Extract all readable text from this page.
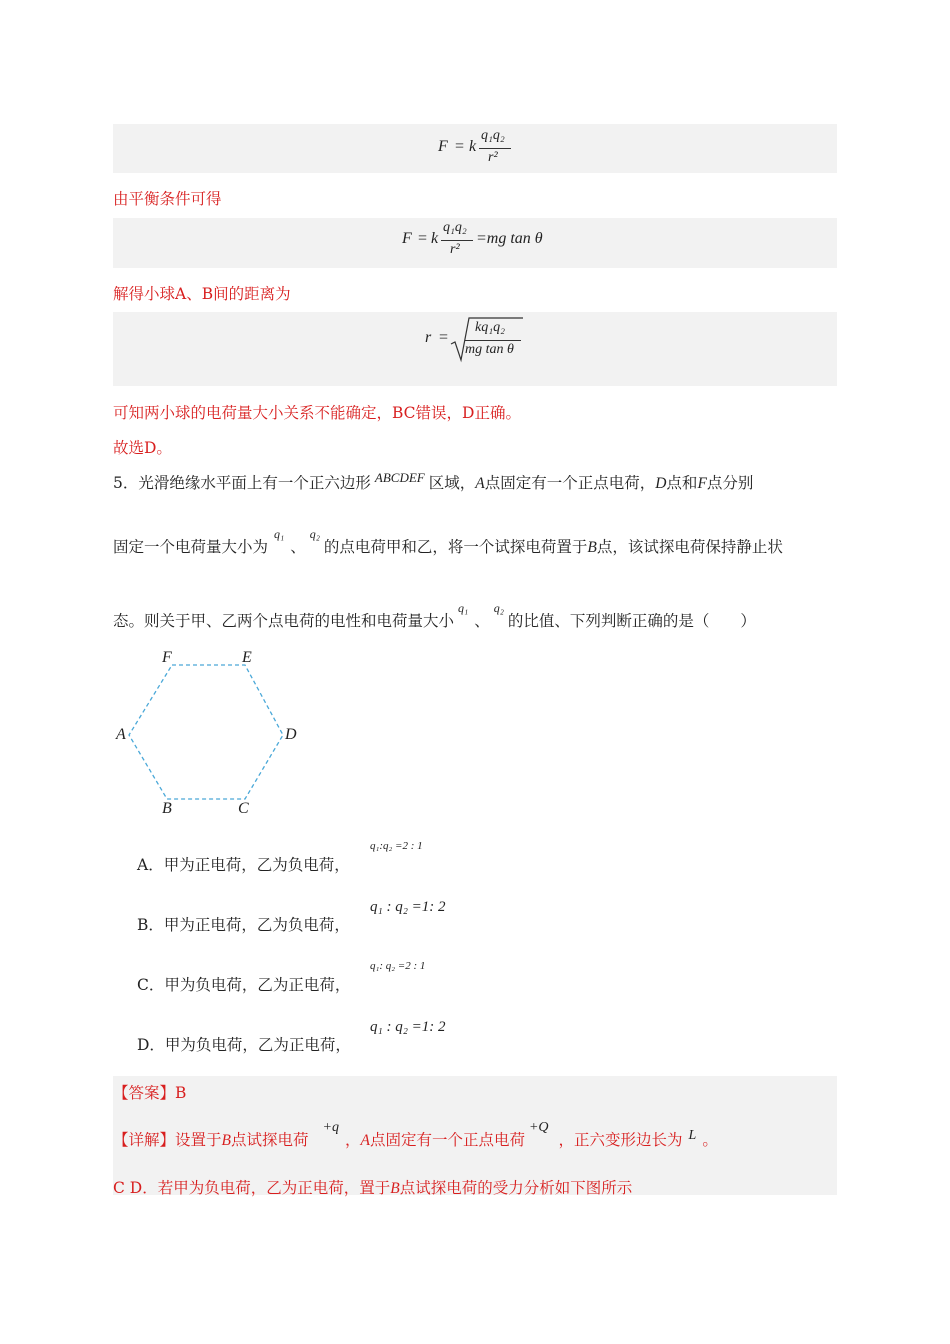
F = k
q₁q₂
r²
由平衡条件可得
F = k
q₁q₂
r²
=mg tan θ
解得小球A、B间的距离为
r =
kq₁q₂
mg tan θ
可知两小球的电荷量大小关系不能确定，BC错误，D正确。
故选D。
5．光滑绝缘水平面上有一个正六边形 $^{ABCDEF}$ 区域，A点固定有一个正点电荷，D点和F点分别
固定一个电荷量大小为$^{q_1}$、$^{q_2}$的点电荷甲和乙，将一个试探电荷置于B点，该试探电荷保持静止状
态。则关于甲、乙两个点电荷的电性和电荷量大小$^{q_1}$、$^{q_2}$的比值、下列判断正确的是（　　）
F	E
A	D
B	C
A．甲为正电荷，乙为负电荷，
q₁:q₂ =2 : 1
B．甲为正电荷，乙为负电荷，
q₁ : q₂ =1: 2
C．甲为负电荷，乙为正电荷，
q₁: q₂ =2 : 1
D．甲为负电荷，乙为正电荷，
q₁ : q₂ =1: 2
【答案】B
【详解】设置于B点试探电荷+q，A点固定有一个正点电荷+Q，正六变形边长为 L 。
C D．若甲为负电荷，乙为正电荷，置于B点试探电荷的受力分析如下图所示
